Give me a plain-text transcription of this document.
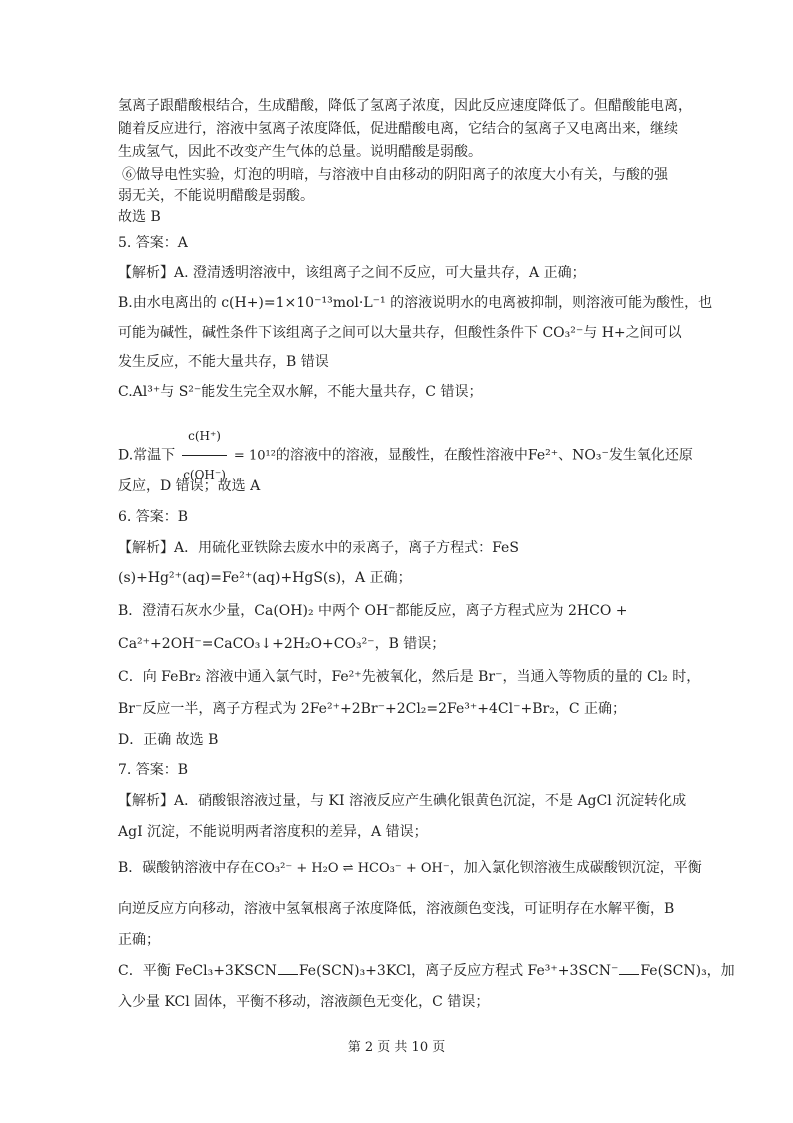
氢离子跟醋酸根结合，生成醋酸，降低了氢离子浓度，因此反应速度降低了。但醋酸能电离，
随着反应进行，溶液中氢离子浓度降低，促进醋酸电离，它结合的氢离子又电离出来，继续
生成氢气，因此不改变产生气体的总量。说明醋酸是弱酸。
⑥做导电性实验，灯泡的明暗，与溶液中自由移动的阴阳离子的浓度大小有关，与酸的强
弱无关，不能说明醋酸是弱酸。
故选 B
5. 答案：A
【解析】A. 澄清透明溶液中，该组离子之间不反应，可大量共存，A 正确；
B.由水电离出的 c(H+)=1×10⁻¹³mol·L⁻¹ 的溶液说明水的电离被抑制，则溶液可能为酸性，也
可能为碱性，碱性条件下该组离子之间可以大量共存，但酸性条件下 CO₃²⁻与 H+之间可以
发生反应，不能大量共存，B 错误
C.Al³⁺与 S²⁻能发生完全双水解，不能大量共存，C 错误；
D.常温下 $\frac{c(H^+)}{c(OH^-)} = 10^{12}$的溶液中的溶液，显酸性，在酸性溶液中Fe²⁺、NO₃⁻发生氧化还原
反应，D 错误；故选 A
6. 答案：B
【解析】A．用硫化亚铁除去废水中的汞离子，离子方程式：FeS
(s)+Hg²⁺(aq)=Fe²⁺(aq)+HgS(s)，A 正确；
B．澄清石灰水少量，Ca(OH)₂ 中两个 OH⁻都能反应，离子方程式应为 2HCO +
Ca²⁺+2OH⁻=CaCO₃↓+2H₂O+CO₃²⁻，B 错误；
C．向 FeBr₂ 溶液中通入氯气时，Fe²⁺先被氧化，然后是 Br⁻，当通入等物质的量的 Cl₂ 时，
Br⁻反应一半，离子方程式为 2Fe²⁺+2Br⁻+2Cl₂=2Fe³⁺+4Cl⁻+Br₂，C 正确；
D．正确 故选 B
7. 答案：B
【解析】A．硝酸银溶液过量，与 KI 溶液反应产生碘化银黄色沉淀，不是 AgCl 沉淀转化成
AgI 沉淀，不能说明两者溶度积的差异，A 错误；
B．碳酸钠溶液中存在CO₃²⁻ + H₂O ⇌ HCO₃⁻ + OH⁻，加入氯化钡溶液生成碳酸钡沉淀，平衡
向逆反应方向移动，溶液中氢氧根离子浓度降低，溶液颜色变浅，可证明存在水解平衡，B
正确；
C．平衡 FeCl₃+3KSCN Fe(SCN)₃+3KCl，离子反应方程式 Fe³⁺+3SCN⁻ Fe(SCN)₃，加
入少量 KCl 固体，平衡不移动，溶液颜色无变化，C 错误；
第 2 页 共 10 页
